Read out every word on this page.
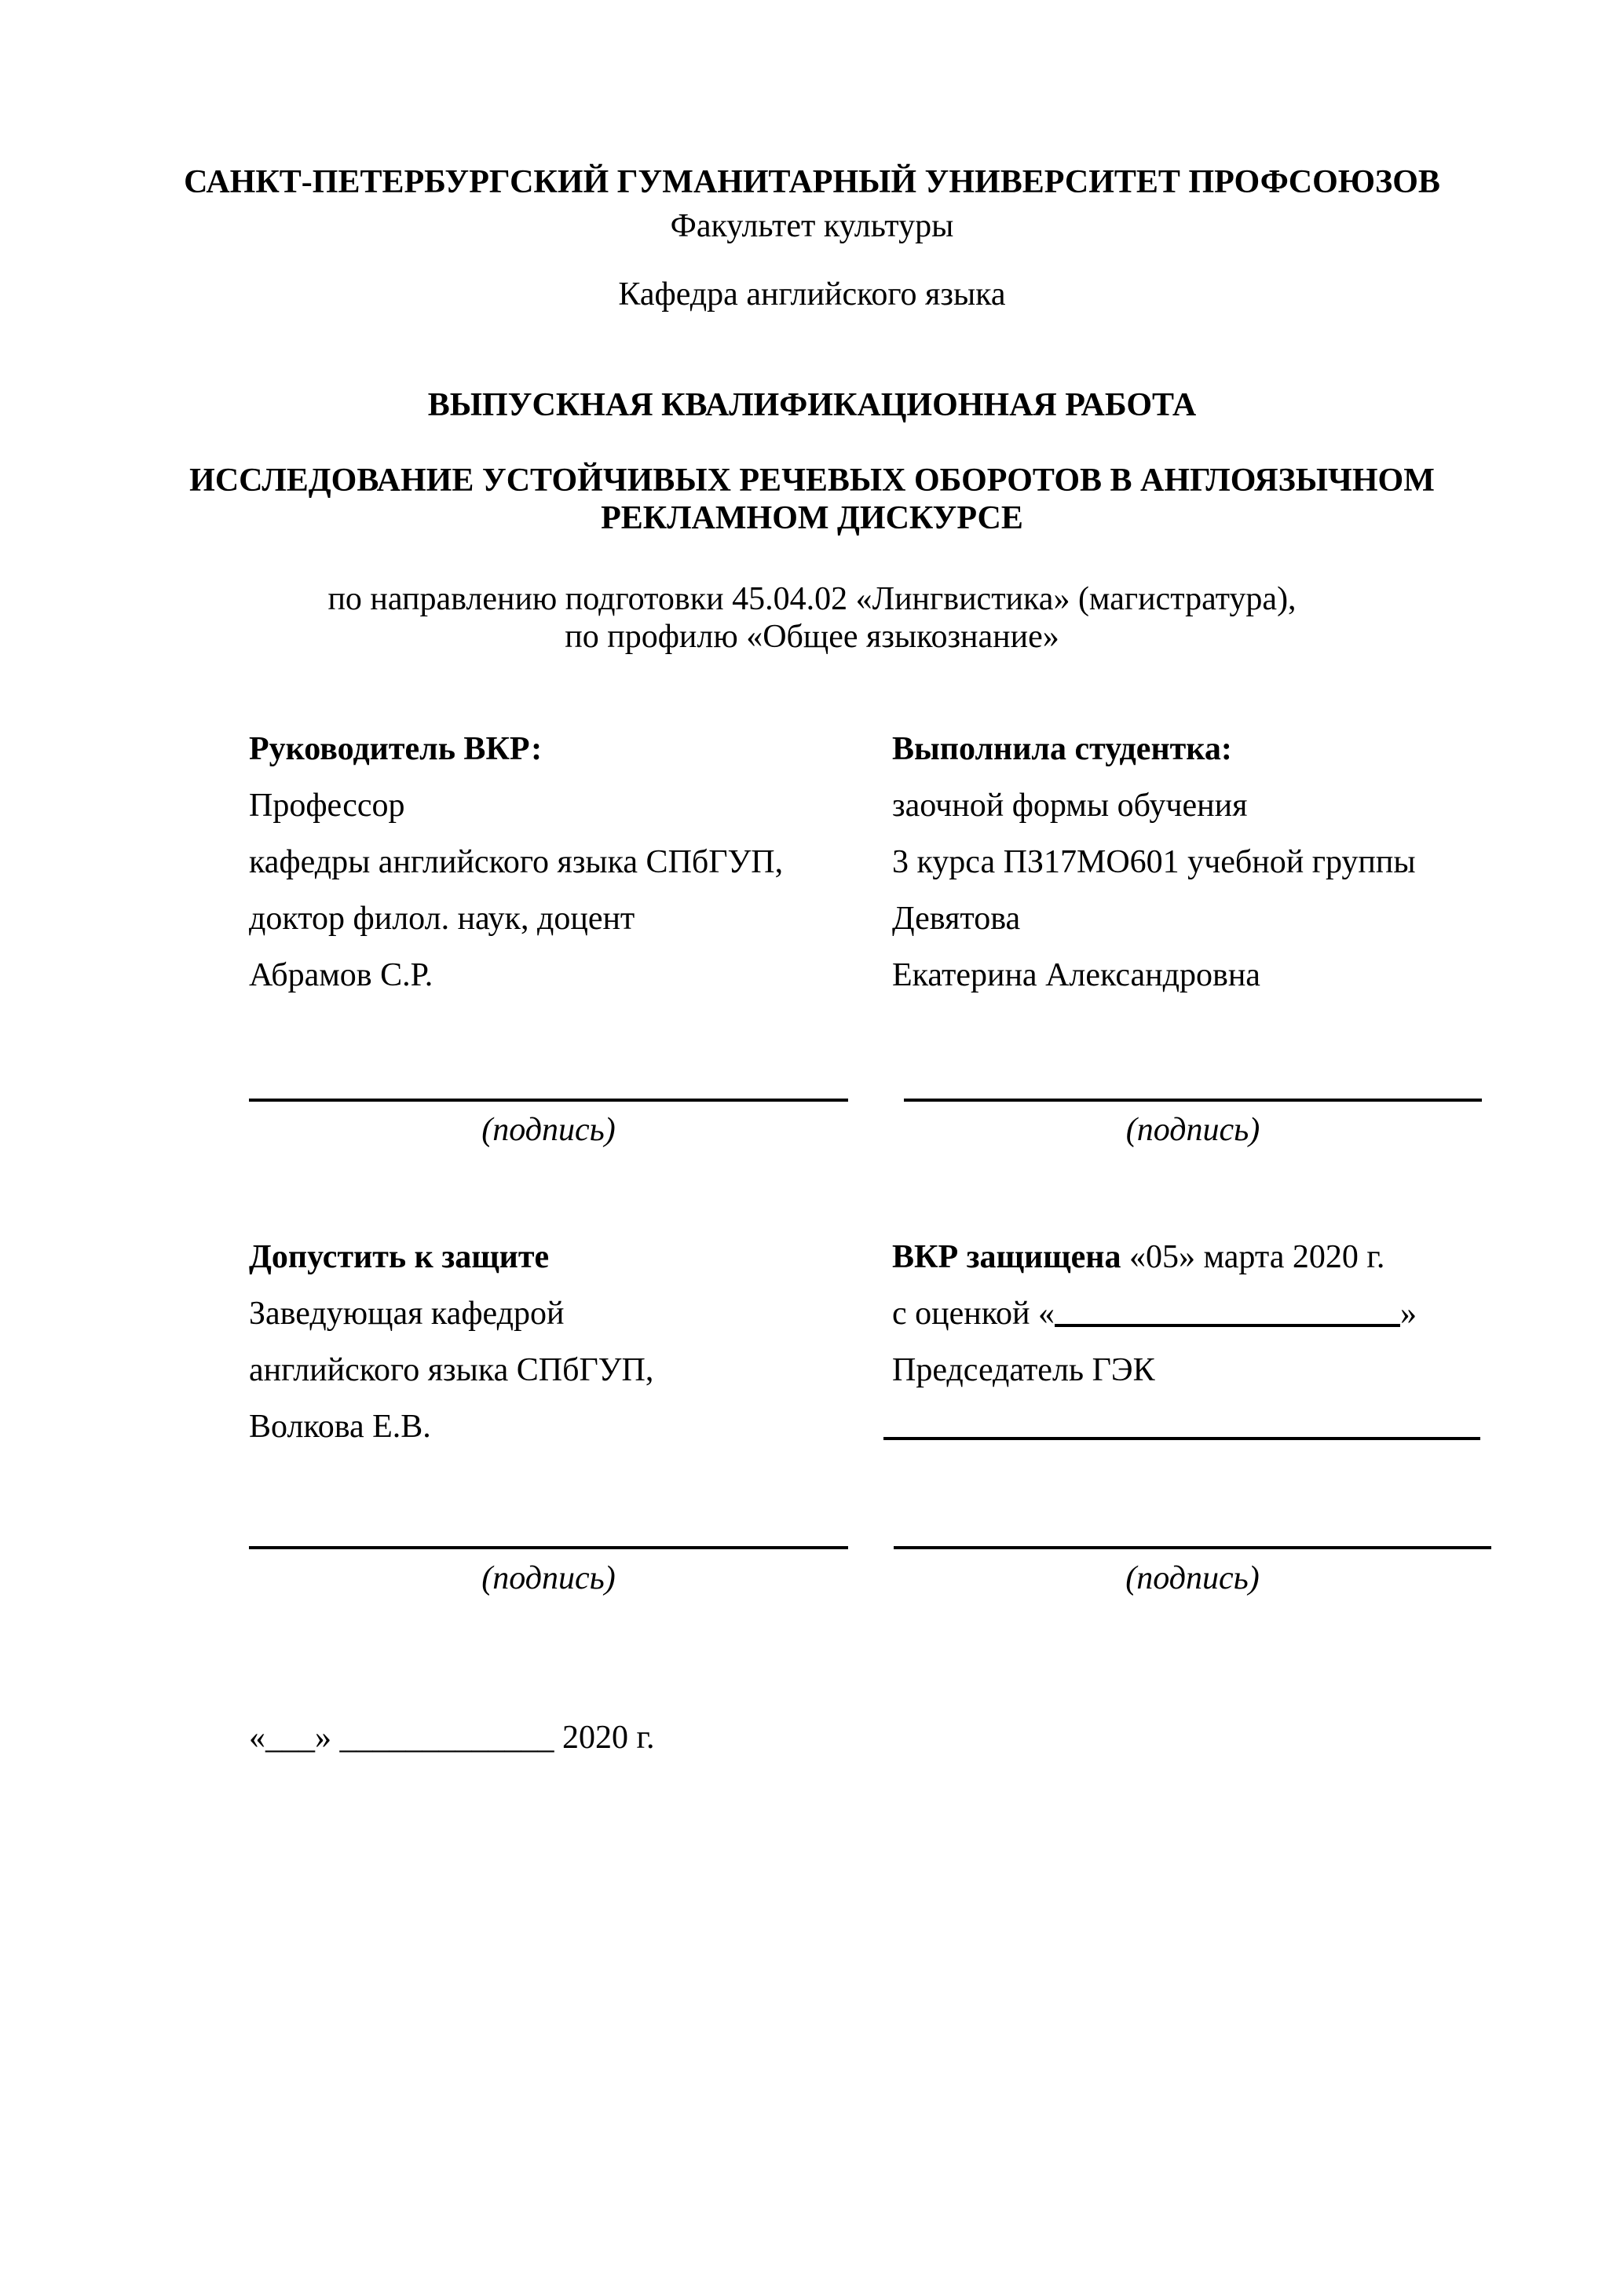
САНКТ-ПЕТЕРБУРГСКИЙ ГУМАНИТАРНЫЙ УНИВЕРСИТЕТ ПРОФСОЮЗОВ
Факультет культуры
Кафедра английского языка
ВЫПУСКНАЯ КВАЛИФИКАЦИОННАЯ РАБОТА
ИССЛЕДОВАНИЕ УСТОЙЧИВЫХ РЕЧЕВЫХ ОБОРОТОВ В АНГЛОЯЗЫЧНОМ РЕКЛАМНОМ ДИСКУРСЕ
по направлению подготовки 45.04.02 «Лингвистика» (магистратура),
по профилю «Общее языкознание»
Руководитель ВКР:
Профессор
кафедры английского языка СПбГУП,
доктор филол. наук, доцент
Абрамов С.Р.
Выполнила студентка:
заочной формы обучения
3 курса ПЗ17МО601 учебной группы
Девятова
Екатерина Александровна
(подпись)	(подпись)
Допустить к защите
Заведующая кафедрой
английского языка СПбГУП,
Волкова Е.В.
ВКР защищена «05» марта 2020 г.
с оценкой «	»
Председатель ГЭК
(подпись)	(подпись)
«___» _____________ 2020 г.
